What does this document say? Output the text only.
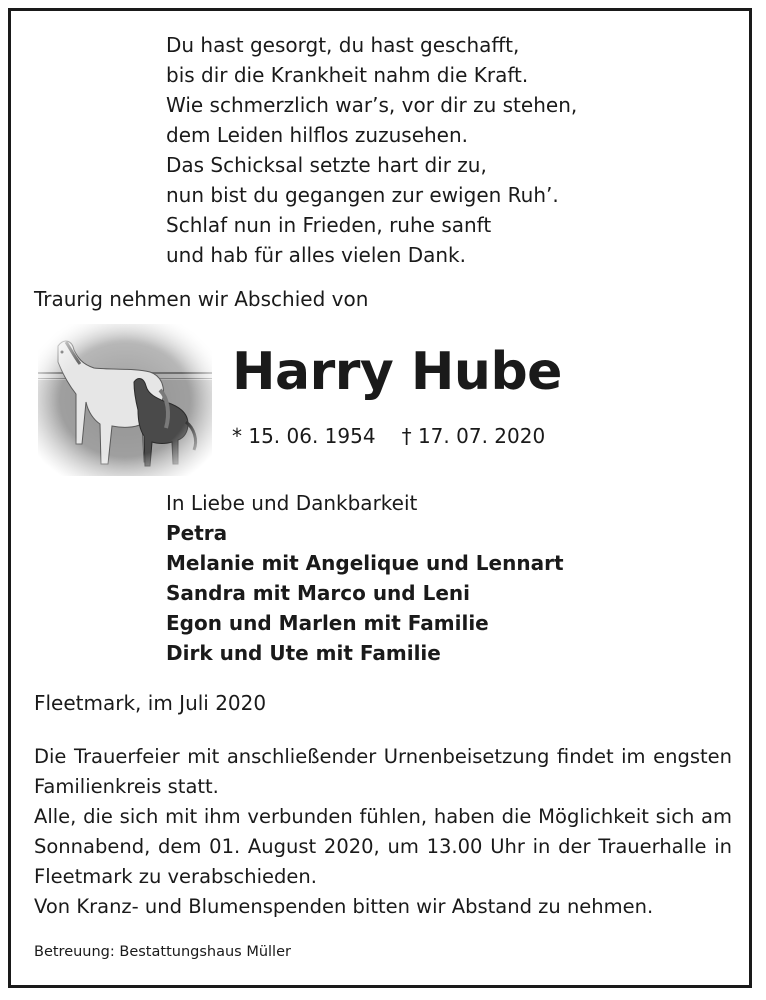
Du hast gesorgt, du hast geschafft,
bis dir die Krankheit nahm die Kraft.
Wie schmerzlich war’s, vor dir zu stehen,
dem Leiden hilflos zuzusehen.
Das Schicksal setzte hart dir zu,
nun bist du gegangen zur ewigen Ruh’.
Schlaf nun in Frieden, ruhe sanft
und hab für alles vielen Dank.
Traurig nehmen wir Abschied von
Harry Hube
* 15. 06. 1954 † 17. 07. 2020
In Liebe und Dankbarkeit
Petra
Melanie mit Angelique und Lennart
Sandra mit Marco und Leni
Egon und Marlen mit Familie
Dirk und Ute mit Familie
Fleetmark, im Juli 2020

Die Trauerfeier mit anschließender Urnenbeisetzung findet im engsten Familienkreis statt.

Alle, die sich mit ihm verbunden fühlen, haben die Möglichkeit sich am Sonnabend, dem 01. August 2020, um 13.00 Uhr in der Trauerhalle in Fleetmark zu verabschieden.

Von Kranz- und Blumenspenden bitten wir Abstand zu nehmen.

Betreuung: Bestattungshaus Müller
